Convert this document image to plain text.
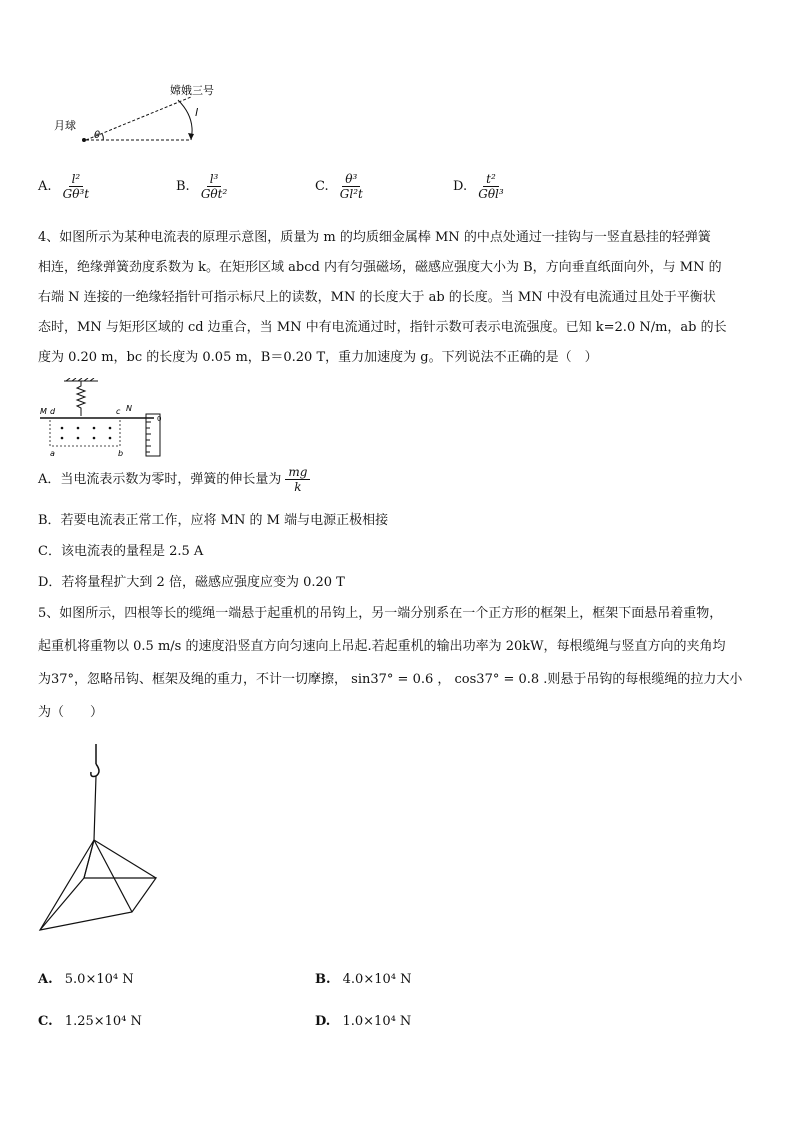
嫦娥三号
月球
θ
l
A. $\frac{\text{l²}}{\text{Gθ³t}}$	B. $\frac{\text{l³}}{\text{Gθt²}}$	C. $\frac{\text{θ³}}{\text{Gl²t}}$	D. $\frac{\text{t²}}{\text{Gθl³}}$
4、如图所示为某种电流表的原理示意图，质量为 m 的均质细金属棒 MN 的中点处通过一挂钩与一竖直悬挂的轻弹簧
相连，绝缘弹簧劲度系数为 k。在矩形区域 abcd 内有匀强磁场，磁感应强度大小为 B，方向垂直纸面向外，与 MN 的
右端 N 连接的一绝缘轻指针可指示标尺上的读数，MN 的长度大于 ab 的长度。当 MN 中没有电流通过且处于平衡状
态时，MN 与矩形区域的 cd 边重合，当 MN 中有电流通过时，指针示数可表示电流强度。已知 k=2.0 N/m，ab 的长
度为 0.20 m，bc 的长度为 0.05 m，B＝0.20 T，重力加速度为 g。下列说法不正确的是（　）
M d	c N
a	b
0
A．当电流表示数为零时，弹簧的伸长量为 $\frac{mg}{k}$
B．若要电流表正常工作，应将 MN 的 M 端与电源正极相接
C．该电流表的量程是 2.5 A
D．若将量程扩大到 2 倍，磁感应强度应变为 0.20 T
5、如图所示，四根等长的缆绳一端悬于起重机的吊钩上，另一端分别系在一个正方形的框架上，框架下面悬吊着重物，
起重机将重物以 0.5 m/s 的速度沿竖直方向匀速向上吊起.若起重机的输出功率为 20kW，每根缆绳与竖直方向的夹角均
为37°，忽略吊钩、框架及绳的重力，不计一切摩擦， sin37° = 0.6 ， cos37° = 0.8 .则悬于吊钩的每根缆绳的拉力大小
为（　　）
A. 5.0×10⁴ N	B. 4.0×10⁴ N
C. 1.25×10⁴ N	D. 1.0×10⁴ N
